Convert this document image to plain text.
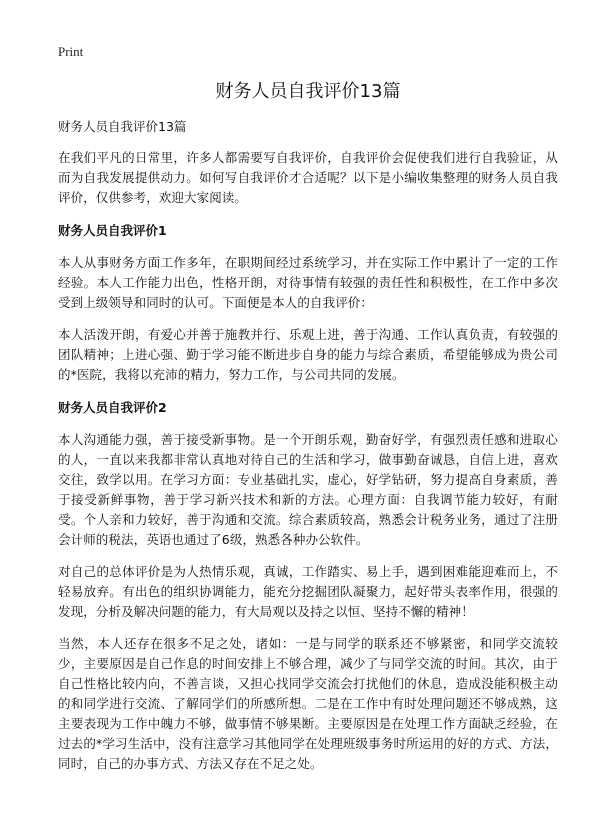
Print
财务人员自我评价13篇

财务人员自我评价13篇

在我们平凡的日常里，许多人都需要写自我评价，自我评价会促使我们进行自我验证，从而为自我发展提供动力。如何写自我评价才合适呢？以下是小编收集整理的财务人员自我评价，仅供参考，欢迎大家阅读。

财务人员自我评价1

本人从事财务方面工作多年，在职期间经过系统学习，并在实际工作中累计了一定的工作经验。本人工作能力出色，性格开朗，对待事情有较强的责任性和积极性，在工作中多次受到上级领导和同时的认可。下面便是本人的自我评价：

本人活泼开朗，有爱心并善于施教并行、乐观上进，善于沟通、工作认真负责，有较强的团队精神；上进心强、勤于学习能不断进步自身的能力与综合素质，希望能够成为贵公司的*医院，我将以充沛的精力，努力工作，与公司共同的发展。

财务人员自我评价2

本人沟通能力强，善于接受新事物。是一个开朗乐观，勤奋好学，有强烈责任感和进取心的人，一直以来我都非常认真地对待自己的生活和学习，做事勤奋诚恳，自信上进，喜欢交往，致学以用。在学习方面：专业基础扎实，虚心，好学钻研，努力提高自身素质，善于接受新鲜事物，善于学习新兴技术和新的方法。心理方面：自我调节能力较好，有耐受。个人亲和力较好，善于沟通和交流。综合素质较高，熟悉会计税务业务，通过了注册会计师的税法，英语也通过了6级，熟悉各种办公软件。

对自己的总体评价是为人热情乐观，真诚，工作踏实、易上手，遇到困难能迎难而上，不轻易放弃。有出色的组织协调能力，能充分挖掘团队凝聚力，起好带头表率作用，很强的发现，分析及解决问题的能力，有大局观以及持之以恒、坚持不懈的精神！

当然，本人还存在很多不足之处，诸如：一是与同学的联系还不够紧密，和同学交流较少，主要原因是自己作息的时间安排上不够合理，减少了与同学交流的时间。其次，由于自己性格比较内向，不善言谈，又担心找同学交流会打扰他们的休息，造成没能积极主动的和同学进行交流、了解同学们的所感所想。二是在工作中有时处理问题还不够成熟，这主要表现为工作中魄力不够，做事情不够果断。主要原因是在处理工作方面缺乏经验，在过去的*学习生活中，没有注意学习其他同学在处理班级事务时所运用的好的方式、方法，同时，自己的办事方式、方法又存在不足之处。
